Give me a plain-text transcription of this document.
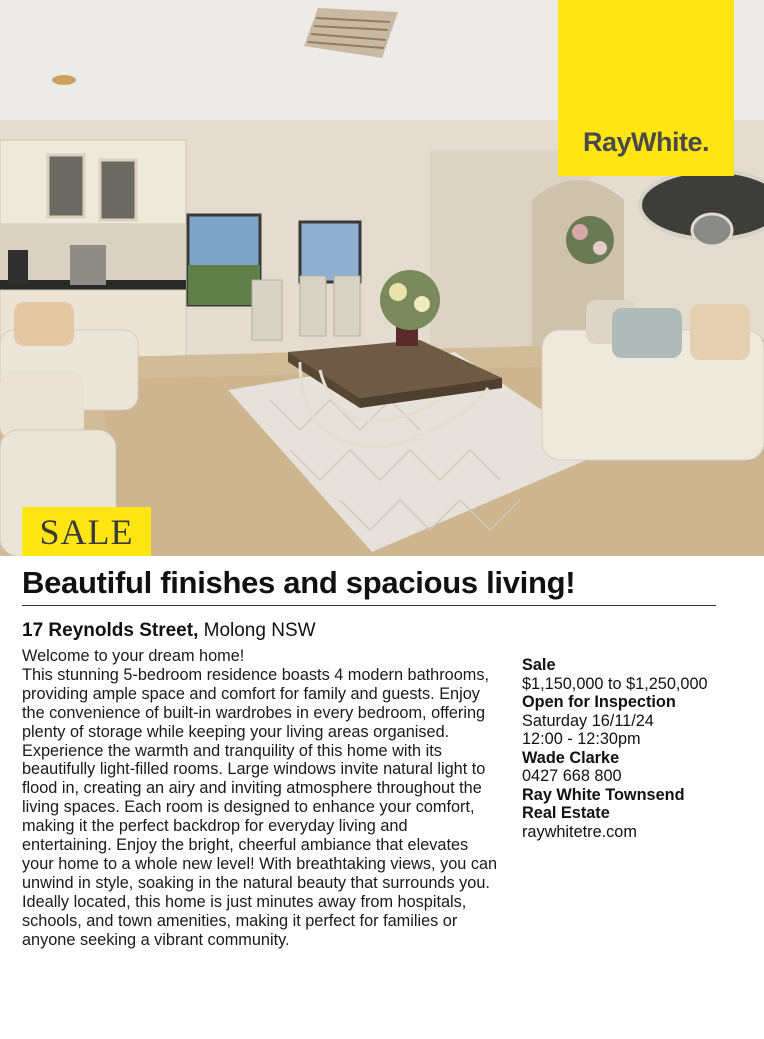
RayWhite.
SALE
Beautiful finishes and spacious living!
17 Reynolds Street, Molong NSW

Welcome to your dream home!

This stunning 5-bedroom residence boasts 4 modern bathrooms, providing ample space and comfort for family and guests. Enjoy the convenience of built-in wardrobes in every bedroom, offering plenty of storage while keeping your living areas organised. Experience the warmth and tranquility of this home with its beautifully light-filled rooms. Large windows invite natural light to flood in, creating an airy and inviting atmosphere throughout the living spaces. Each room is designed to enhance your comfort, making it the perfect backdrop for everyday living and entertaining. Enjoy the bright, cheerful ambiance that elevates your home to a whole new level! With breathtaking views, you can unwind in style, soaking in the natural beauty that surrounds you. Ideally located, this home is just minutes away from hospitals, schools, and town amenities, making it perfect for families or anyone seeking a vibrant community.

Sale
$1,150,000 to $1,250,000
Open for Inspection
Saturday 16/11/24
12:00 - 12:30pm
Wade Clarke
0427 668 800
Ray White Townsend
Real Estate
raywhitetre.com
